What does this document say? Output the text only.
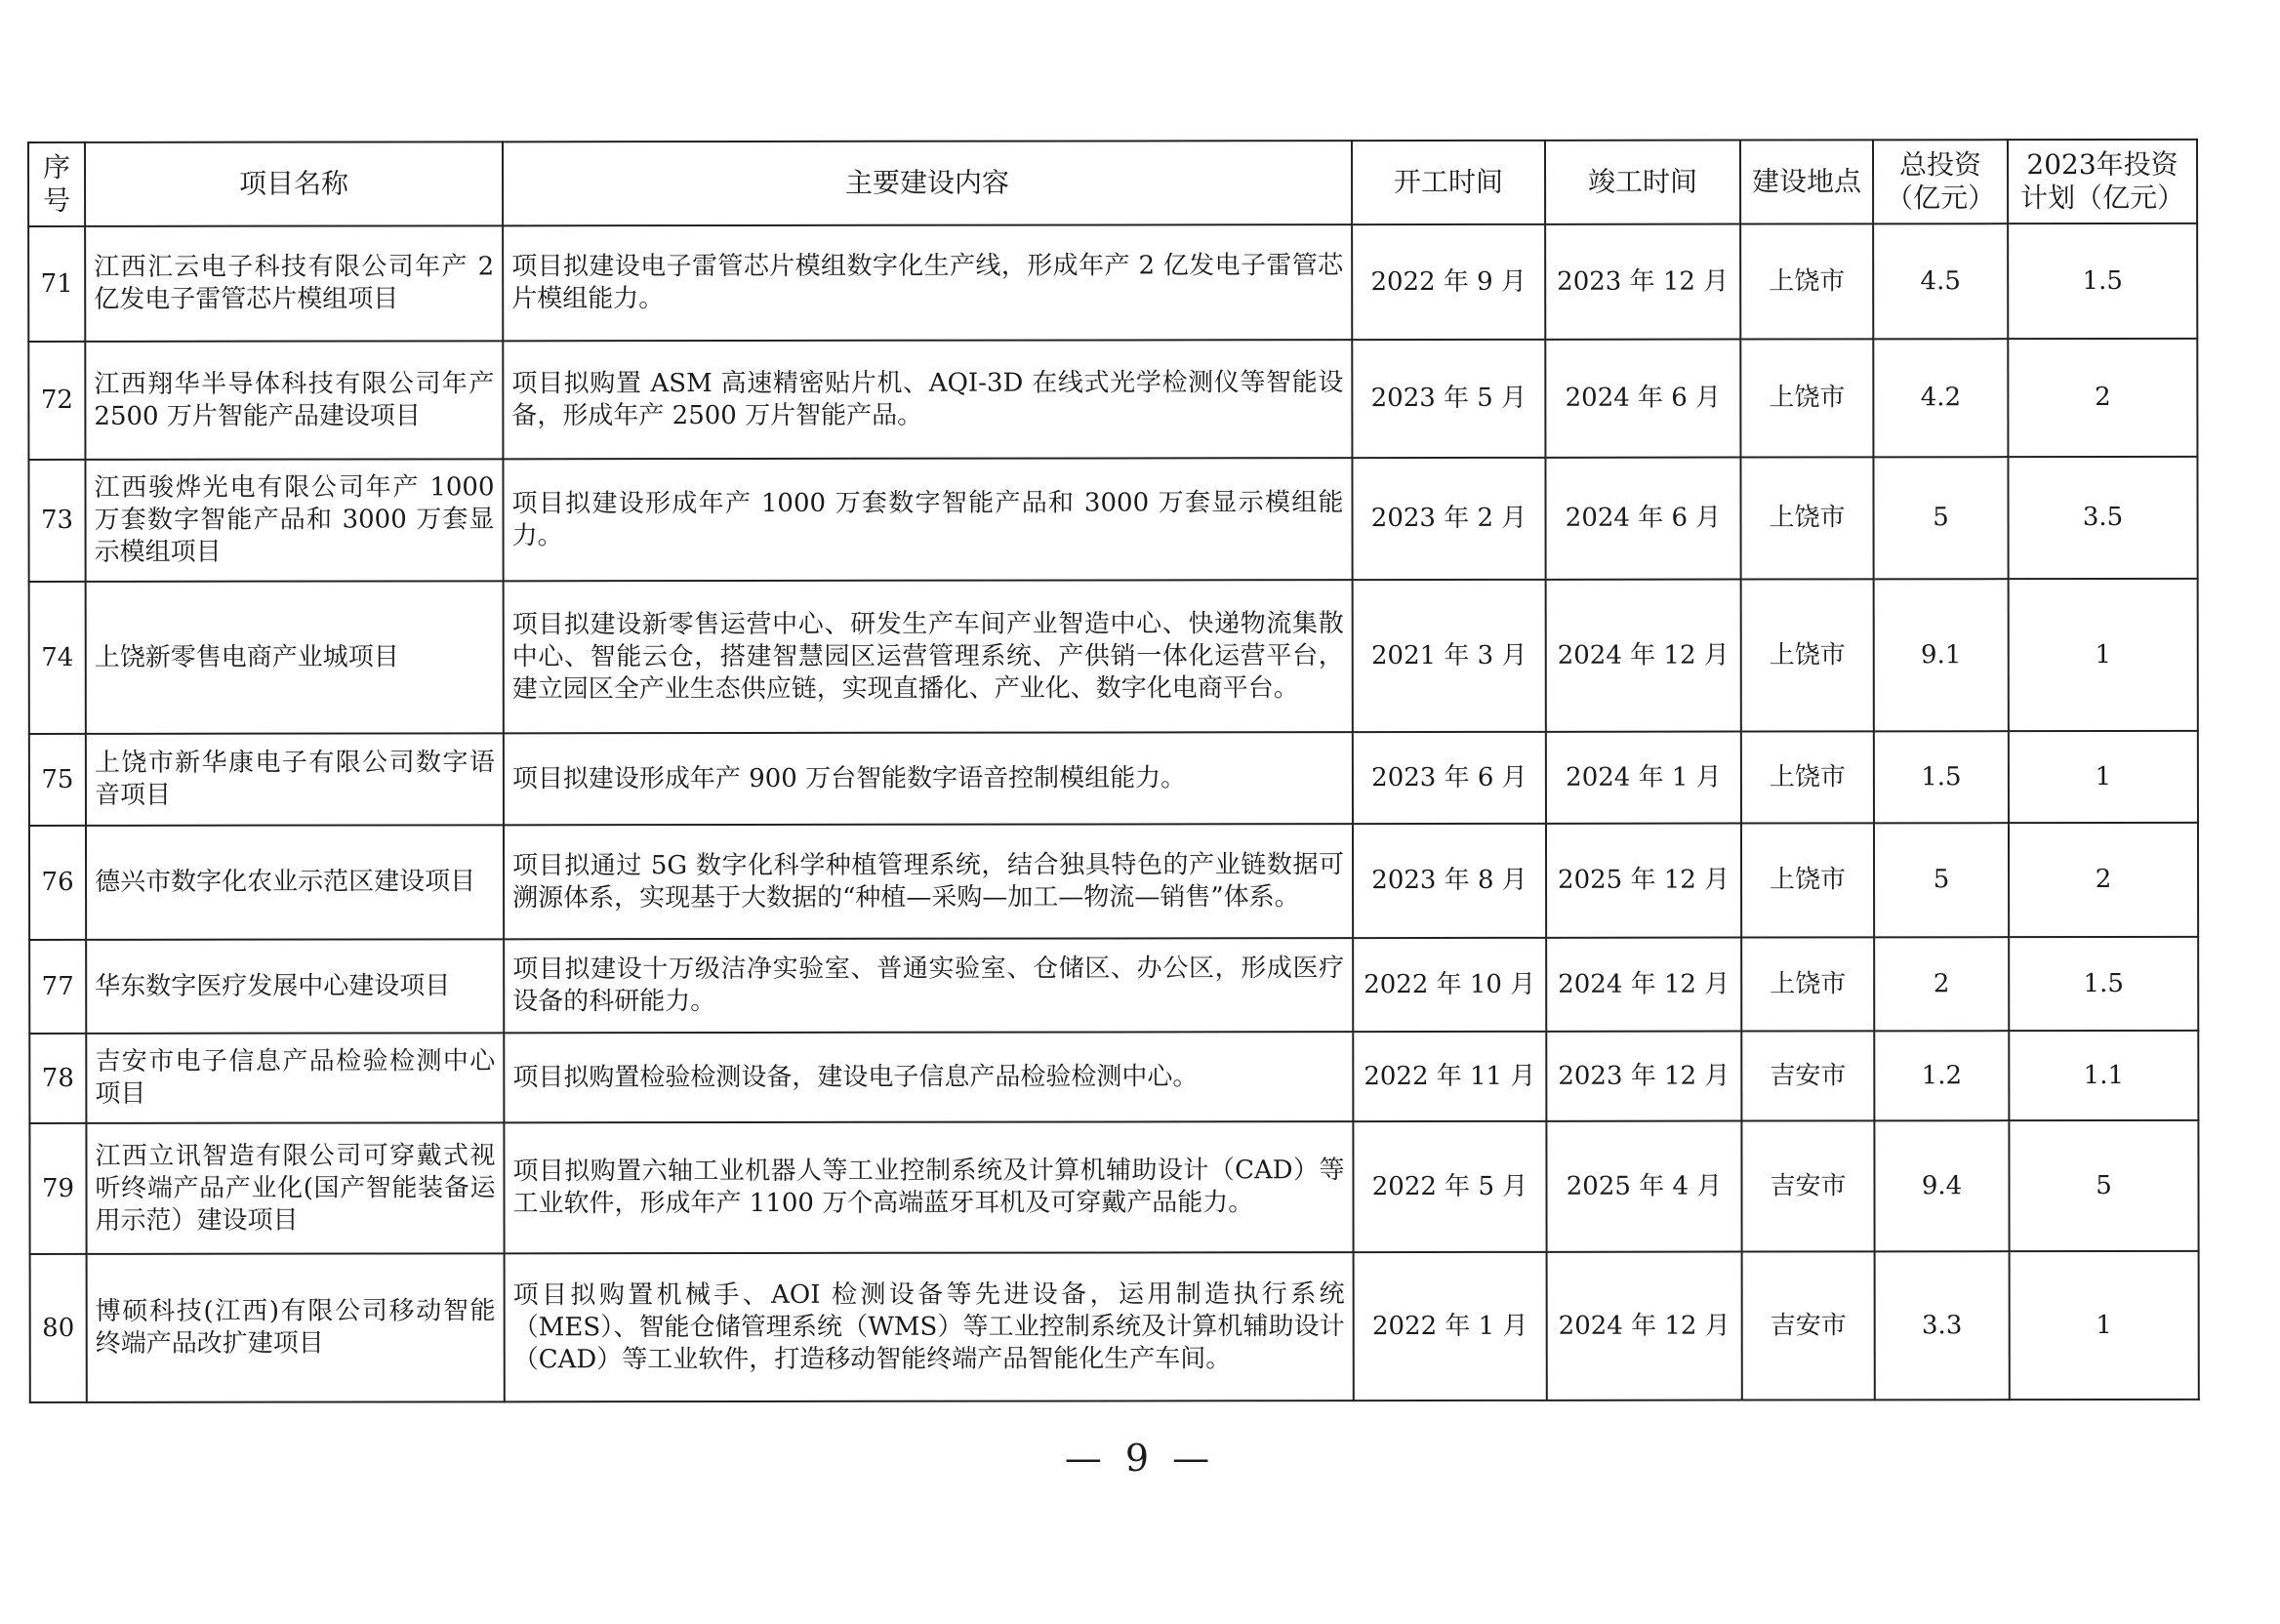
序号	项目名称	主要建设内容	开工时间	竣工时间	建设地点	总投资（亿元）	2023年投资计划（亿元）
71	江西汇云电子科技有限公司年产 2 亿发电子雷管芯片模组项目	项目拟建设电子雷管芯片模组数字化生产线，形成年产 2 亿发电子雷管芯片模组能力。	2022 年 9 月	2023 年 12 月	上饶市	4.5	1.5
72	江西翔华半导体科技有限公司年产 2500 万片智能产品建设项目	项目拟购置 ASM 高速精密贴片机、AQI-3D 在线式光学检测仪等智能设备，形成年产 2500 万片智能产品。	2023 年 5 月	2024 年 6 月	上饶市	4.2	2
73	江西骏烨光电有限公司年产 1000 万套数字智能产品和 3000 万套显示模组项目	项目拟建设形成年产 1000 万套数字智能产品和 3000 万套显示模组能力。	2023 年 2 月	2024 年 6 月	上饶市	5	3.5
74	上饶新零售电商产业城项目	项目拟建设新零售运营中心、研发生产车间产业智造中心、快递物流集散中心、智能云仓，搭建智慧园区运营管理系统、产供销一体化运营平台，建立园区全产业生态供应链，实现直播化、产业化、数字化电商平台。	2021 年 3 月	2024 年 12 月	上饶市	9.1	1
75	上饶市新华康电子有限公司数字语音项目	项目拟建设形成年产 900 万台智能数字语音控制模组能力。	2023 年 6 月	2024 年 1 月	上饶市	1.5	1
76	德兴市数字化农业示范区建设项目	项目拟通过 5G 数字化科学种植管理系统，结合独具特色的产业链数据可溯源体系，实现基于大数据的“种植—采购—加工—物流—销售”体系。	2023 年 8 月	2025 年 12 月	上饶市	5	2
77	华东数字医疗发展中心建设项目	项目拟建设十万级洁净实验室、普通实验室、仓储区、办公区，形成医疗设备的科研能力。	2022 年 10 月	2024 年 12 月	上饶市	2	1.5
78	吉安市电子信息产品检验检测中心项目	项目拟购置检验检测设备，建设电子信息产品检验检测中心。	2022 年 11 月	2023 年 12 月	吉安市	1.2	1.1
79	江西立讯智造有限公司可穿戴式视听终端产品产业化(国产智能装备运用示范）建设项目	项目拟购置六轴工业机器人等工业控制系统及计算机辅助设计（CAD）等工业软件，形成年产 1100 万个高端蓝牙耳机及可穿戴产品能力。	2022 年 5 月	2025 年 4 月	吉安市	9.4	5
80	博硕科技(江西)有限公司移动智能终端产品改扩建项目	项目拟购置机械手、AOI 检测设备等先进设备，运用制造执行系统（MES）、智能仓储管理系统（WMS）等工业控制系统及计算机辅助设计（CAD）等工业软件，打造移动智能终端产品智能化生产车间。	2022 年 1 月	2024 年 12 月	吉安市	3.3	1
— 9 —
